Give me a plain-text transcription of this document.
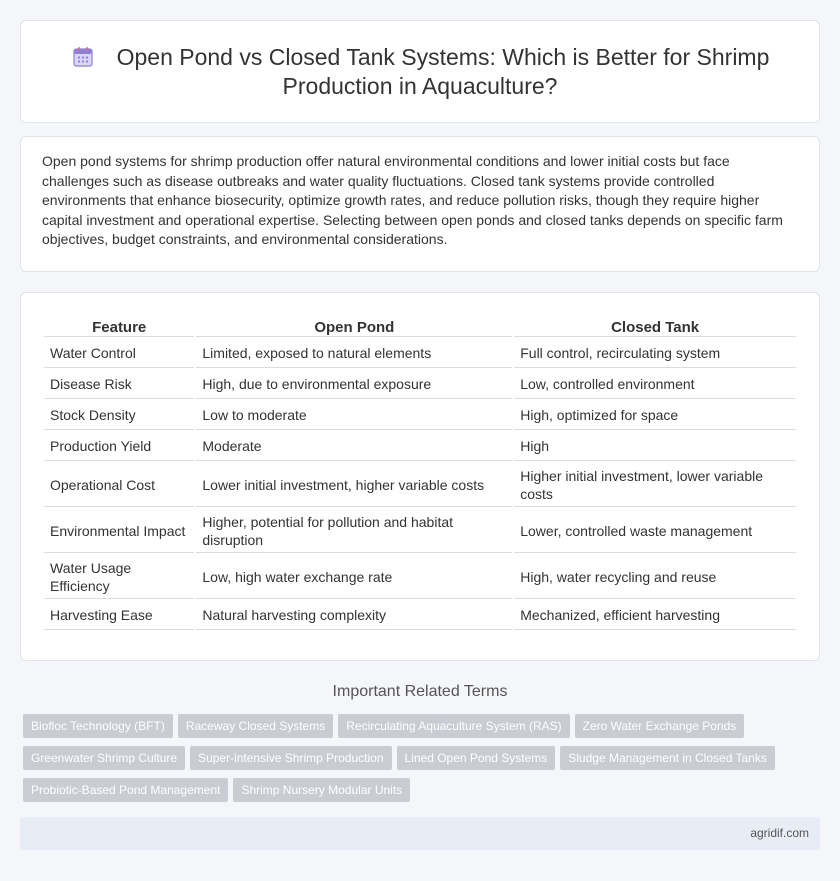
Open Pond vs Closed Tank Systems: Which is Better for Shrimp
Production in Aquaculture?

Open pond systems for shrimp production offer natural environmental conditions and lower initial costs but face challenges such as disease outbreaks and water quality fluctuations. Closed tank systems provide controlled environments that enhance biosecurity, optimize growth rates, and reduce pollution risks, though they require higher capital investment and operational expertise. Selecting between open ponds and closed tanks depends on specific farm objectives, budget constraints, and environmental considerations.

Feature	Open Pond	Closed Tank
Water Control	Limited, exposed to natural elements	Full control, recirculating system
Disease Risk	High, due to environmental exposure	Low, controlled environment
Stock Density	Low to moderate	High, optimized for space
Production Yield	Moderate	High
Operational Cost	Lower initial investment, higher variable costs	Higher initial investment, lower variable costs
Environmental Impact	Higher, potential for pollution and habitat disruption	Lower, controlled waste management
Water Usage Efficiency	Low, high water exchange rate	High, water recycling and reuse
Harvesting Ease	Natural harvesting complexity	Mechanized, efficient harvesting
Important Related Terms
Biofloc Technology (BFT) Raceway Closed Systems Recirculating Aquaculture System (RAS) Zero Water Exchange Ponds
Greenwater Shrimp Culture Super-intensive Shrimp Production Lined Open Pond Systems Sludge Management in Closed Tanks
Probiotic-Based Pond Management Shrimp Nursery Modular Units
agridif.com
